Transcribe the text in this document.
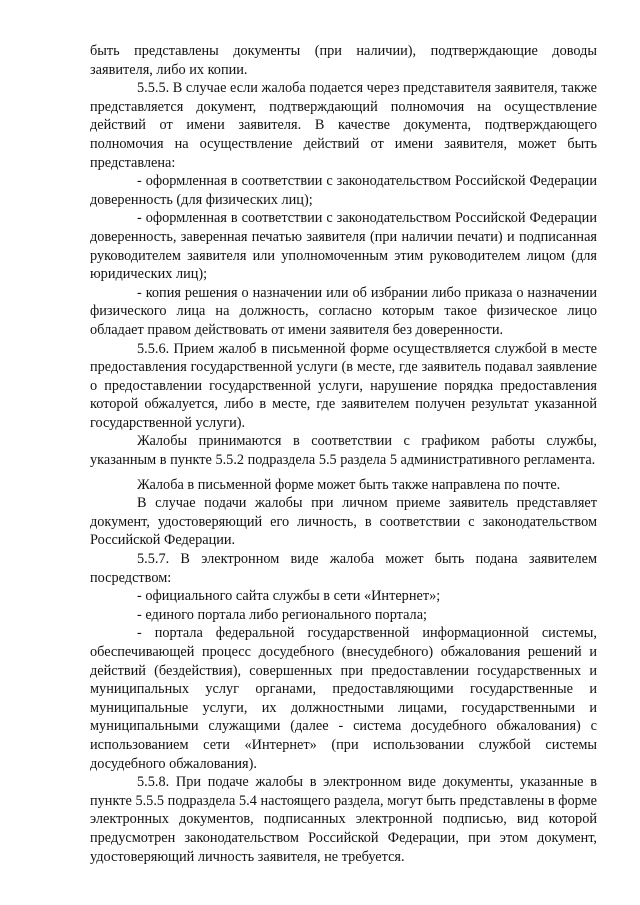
быть представлены документы (при наличии), подтверждающие доводы заявителя, либо их копии.

5.5.5. В случае если жалоба подается через представителя заявителя, также представляется документ, подтверждающий полномочия на осуществление действий от имени заявителя. В качестве документа, подтверждающего полномочия на осуществление действий от имени заявителя, может быть представлена:

- оформленная в соответствии с законодательством Российской Федерации доверенность (для физических лиц);

- оформленная в соответствии с законодательством Российской Федерации доверенность, заверенная печатью заявителя (при наличии печати) и подписанная руководителем заявителя или уполномоченным этим руководителем лицом (для юридических лиц);

- копия решения о назначении или об избрании либо приказа о назначении физического лица на должность, согласно которым такое физическое лицо обладает правом действовать от имени заявителя без доверенности.

5.5.6. Прием жалоб в письменной форме осуществляется службой в месте предоставления государственной услуги (в месте, где заявитель подавал заявление о предоставлении государственной услуги, нарушение порядка предоставления которой обжалуется, либо в месте, где заявителем получен результат указанной государственной услуги).

Жалобы принимаются в соответствии с графиком работы службы, указанным в пункте 5.5.2 подраздела 5.5 раздела 5 административного регламента.

Жалоба в письменной форме может быть также направлена по почте.

В случае подачи жалобы при личном приеме заявитель представляет документ, удостоверяющий его личность, в соответствии с законодательством Российской Федерации.

5.5.7. В электронном виде жалоба может быть подана заявителем посредством:

- официального сайта службы в сети «Интернет»;

- единого портала либо регионального портала;

- портала федеральной государственной информационной системы, обеспечивающей процесс досудебного (внесудебного) обжалования решений и действий (бездействия), совершенных при предоставлении государственных и муниципальных услуг органами, предоставляющими государственные и муниципальные услуги, их должностными лицами, государственными и муниципальными служащими (далее - система досудебного обжалования) с использованием сети «Интернет» (при использовании службой системы досудебного обжалования).

5.5.8. При подаче жалобы в электронном виде документы, указанные в пункте 5.5.5 подраздела 5.4 настоящего раздела, могут быть представлены в форме электронных документов, подписанных электронной подписью, вид которой предусмотрен законодательством Российской Федерации, при этом документ, удостоверяющий личность заявителя, не требуется.
